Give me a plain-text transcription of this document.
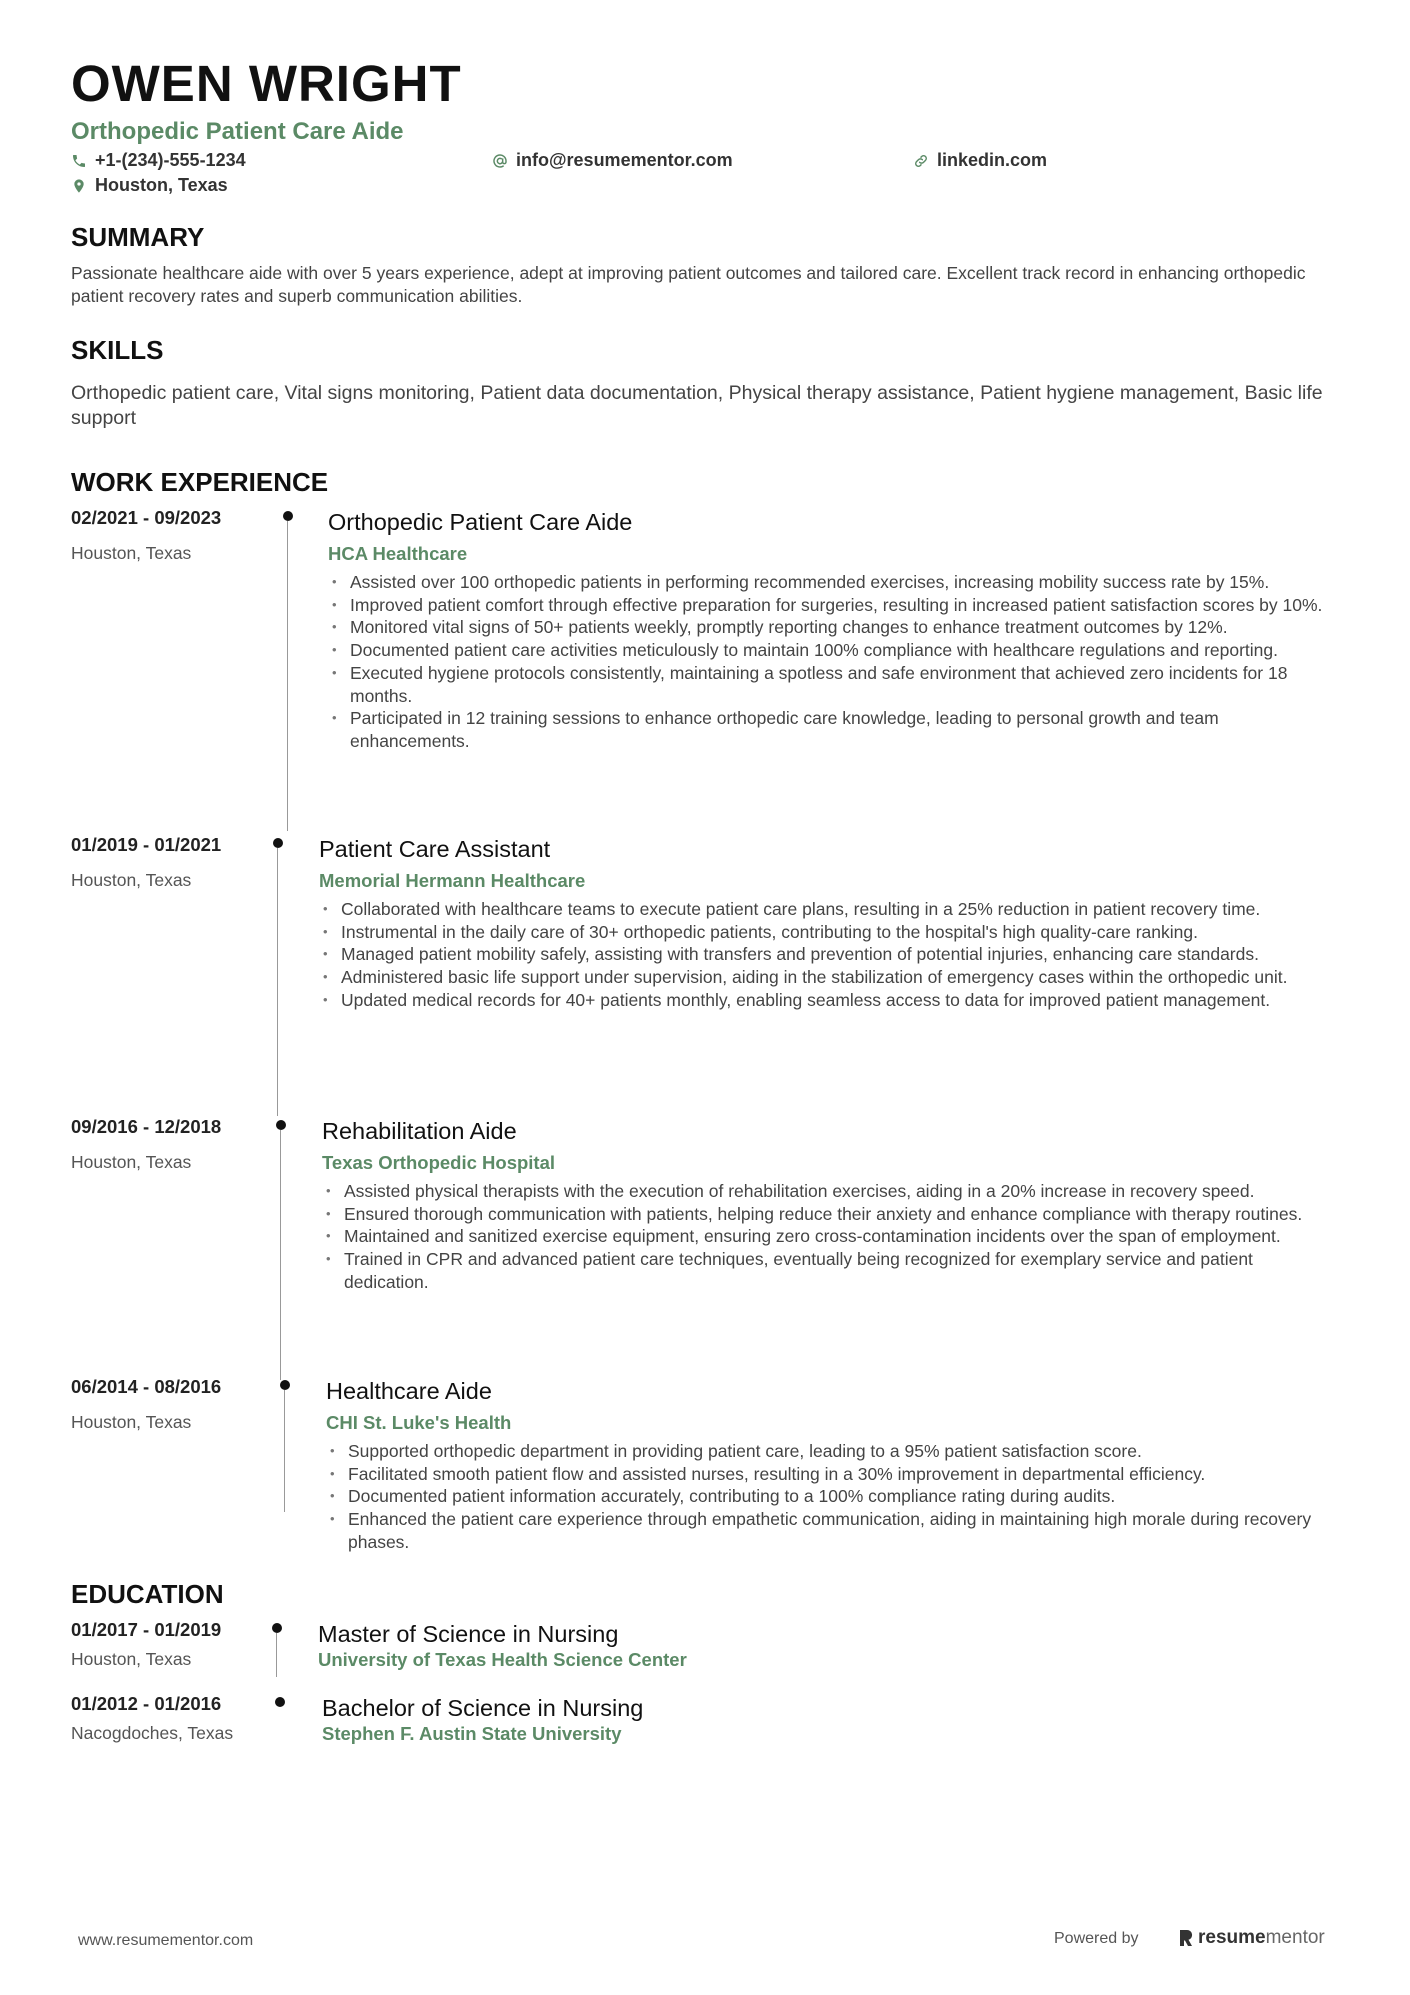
OWEN WRIGHT
Orthopedic Patient Care Aide
+1-(234)-555-1234	info@resumementor.com	linkedin.com
Houston, Texas
SUMMARY
Passionate healthcare aide with over 5 years experience, adept at improving patient outcomes and tailored care. Excellent track record in enhancing orthopedic patient recovery rates and superb communication abilities.
SKILLS
Orthopedic patient care, Vital signs monitoring, Patient data documentation, Physical therapy assistance, Patient hygiene management, Basic life support
WORK EXPERIENCE
02/2021 - 09/2023
Houston, Texas
Orthopedic Patient Care Aide
HCA Healthcare
• Assisted over 100 orthopedic patients in performing recommended exercises, increasing mobility success rate by 15%.
• Improved patient comfort through effective preparation for surgeries, resulting in increased patient satisfaction scores by 10%.
• Monitored vital signs of 50+ patients weekly, promptly reporting changes to enhance treatment outcomes by 12%.
• Documented patient care activities meticulously to maintain 100% compliance with healthcare regulations and reporting.
• Executed hygiene protocols consistently, maintaining a spotless and safe environment that achieved zero incidents for 18 months.
• Participated in 12 training sessions to enhance orthopedic care knowledge, leading to personal growth and team enhancements.
01/2019 - 01/2021
Houston, Texas
Patient Care Assistant
Memorial Hermann Healthcare
• Collaborated with healthcare teams to execute patient care plans, resulting in a 25% reduction in patient recovery time.
• Instrumental in the daily care of 30+ orthopedic patients, contributing to the hospital's high quality-care ranking.
• Managed patient mobility safely, assisting with transfers and prevention of potential injuries, enhancing care standards.
• Administered basic life support under supervision, aiding in the stabilization of emergency cases within the orthopedic unit.
• Updated medical records for 40+ patients monthly, enabling seamless access to data for improved patient management.
09/2016 - 12/2018
Houston, Texas
Rehabilitation Aide
Texas Orthopedic Hospital
• Assisted physical therapists with the execution of rehabilitation exercises, aiding in a 20% increase in recovery speed.
• Ensured thorough communication with patients, helping reduce their anxiety and enhance compliance with therapy routines.
• Maintained and sanitized exercise equipment, ensuring zero cross-contamination incidents over the span of employment.
• Trained in CPR and advanced patient care techniques, eventually being recognized for exemplary service and patient dedication.
06/2014 - 08/2016
Houston, Texas
Healthcare Aide
CHI St. Luke's Health
• Supported orthopedic department in providing patient care, leading to a 95% patient satisfaction score.
• Facilitated smooth patient flow and assisted nurses, resulting in a 30% improvement in departmental efficiency.
• Documented patient information accurately, contributing to a 100% compliance rating during audits.
• Enhanced the patient care experience through empathetic communication, aiding in maintaining high morale during recovery phases.
EDUCATION
01/2017 - 01/2019
Houston, Texas
Master of Science in Nursing
University of Texas Health Science Center
01/2012 - 01/2016
Nacogdoches, Texas
Bachelor of Science in Nursing
Stephen F. Austin State University
www.resumementor.com	Powered by	resume mentor
